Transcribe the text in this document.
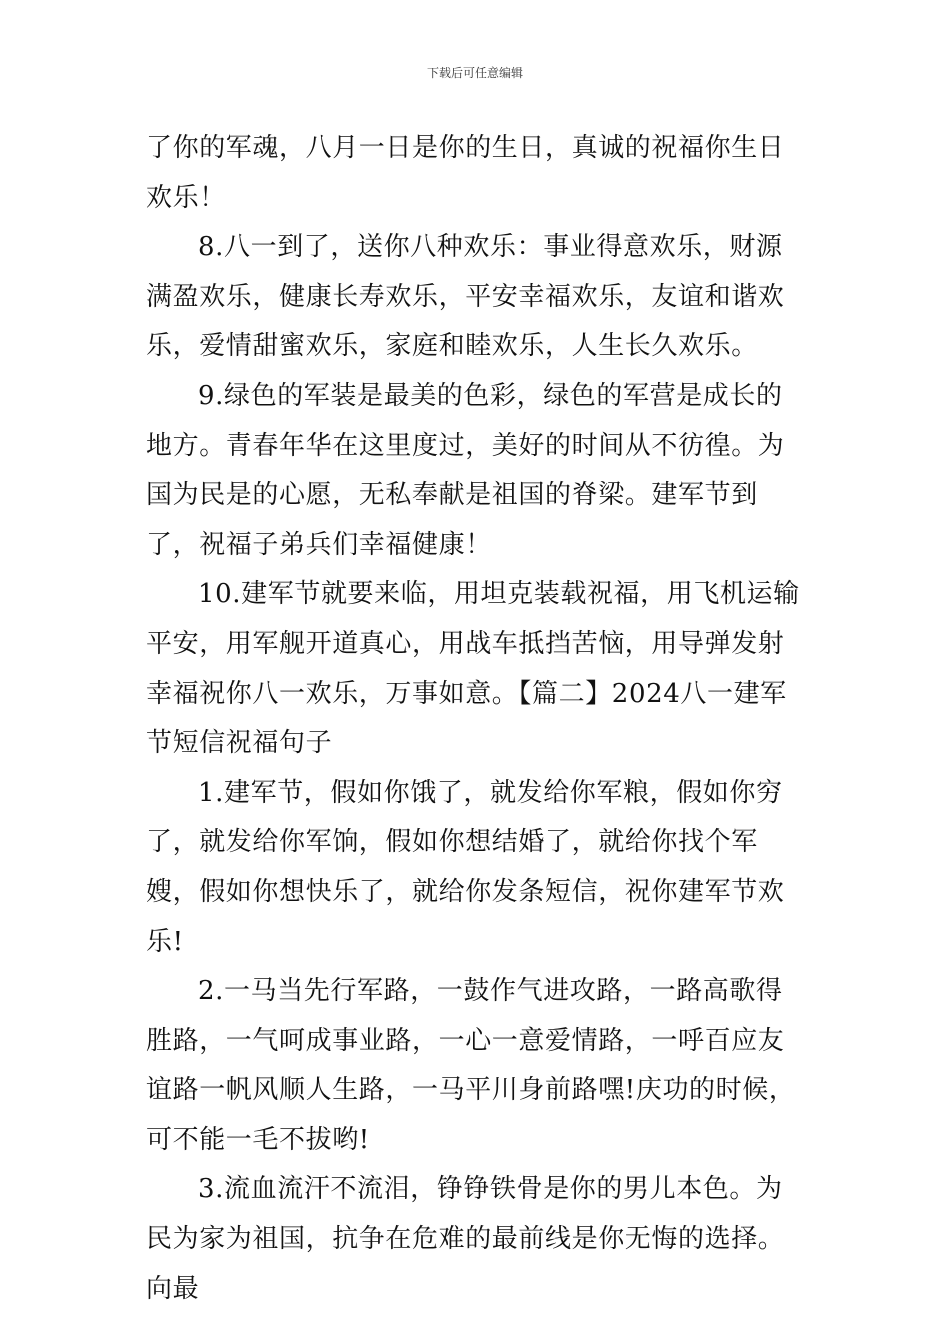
下载后可任意编辑

了你的军魂，八月一日是你的生日，真诚的祝福你生日欢乐！

8.八一到了，送你八种欢乐：事业得意欢乐，财源满盈欢乐，健康长寿欢乐，平安幸福欢乐，友谊和谐欢乐，爱情甜蜜欢乐，家庭和睦欢乐，人生长久欢乐。

9.绿色的军装是最美的色彩，绿色的军营是成长的地方。青春年华在这里度过，美好的时间从不彷徨。为国为民是的心愿，无私奉献是祖国的脊梁。建军节到了，祝福子弟兵们幸福健康！

10.建军节就要来临，用坦克装载祝福，用飞机运输平安，用军舰开道真心，用战车抵挡苦恼，用导弹发射幸福祝你八一欢乐，万事如意。【篇二】2024八一建军节短信祝福句子

1.建军节，假如你饿了，就发给你军粮，假如你穷了，就发给你军饷，假如你想结婚了，就给你找个军嫂，假如你想快乐了，就给你发条短信，祝你建军节欢乐!

2.一马当先行军路，一鼓作气进攻路，一路高歌得胜路，一气呵成事业路，一心一意爱情路，一呼百应友谊路一帆风顺人生路，一马平川身前路嘿!庆功的时候，可不能一毛不拔哟!

3.流血流汗不流泪，铮铮铁骨是你的男儿本色。为民为家为祖国，抗争在危难的最前线是你无悔的选择。向最
